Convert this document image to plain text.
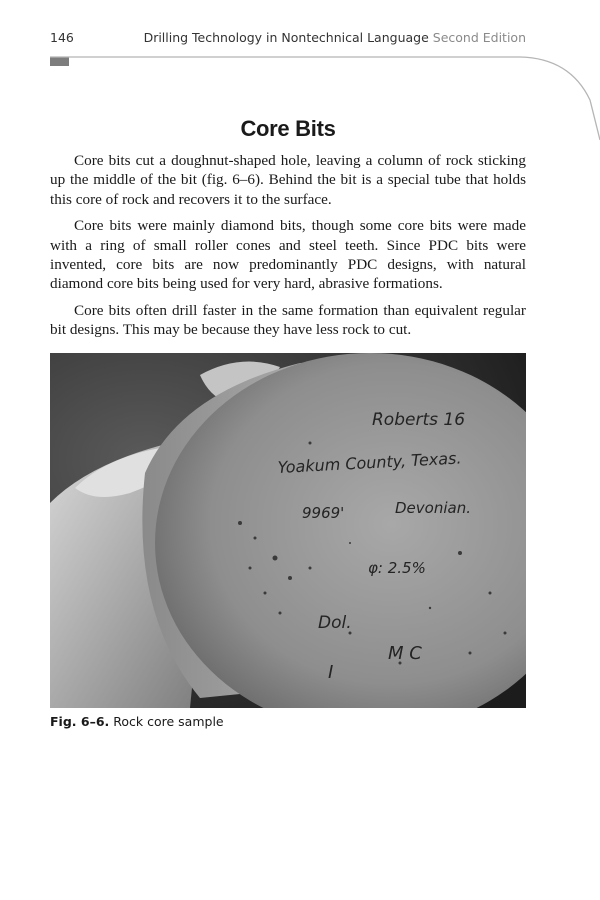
146	Drilling Technology in Nontechnical Language Second Edition
Core Bits

Core bits cut a doughnut-shaped hole, leaving a column of rock sticking up the middle of the bit (fig. 6–6). Behind the bit is a special tube that holds this core of rock and recovers it to the surface.

Core bits were mainly diamond bits, though some core bits were made with a ring of small roller cones and steel teeth. Since PDC bits were invented, core bits are now predominantly PDC designs, with natural diamond core bits being used for very hard, abrasive formations.

Core bits often drill faster in the same formation than equivalent regular bit designs. This may be because they have less rock to cut.

Roberts 16
Yoakum County, Texas.
9969'	Devonian.
φ: 2.5%
Dol.
I
M C
Fig. 6–6. Rock core sample
